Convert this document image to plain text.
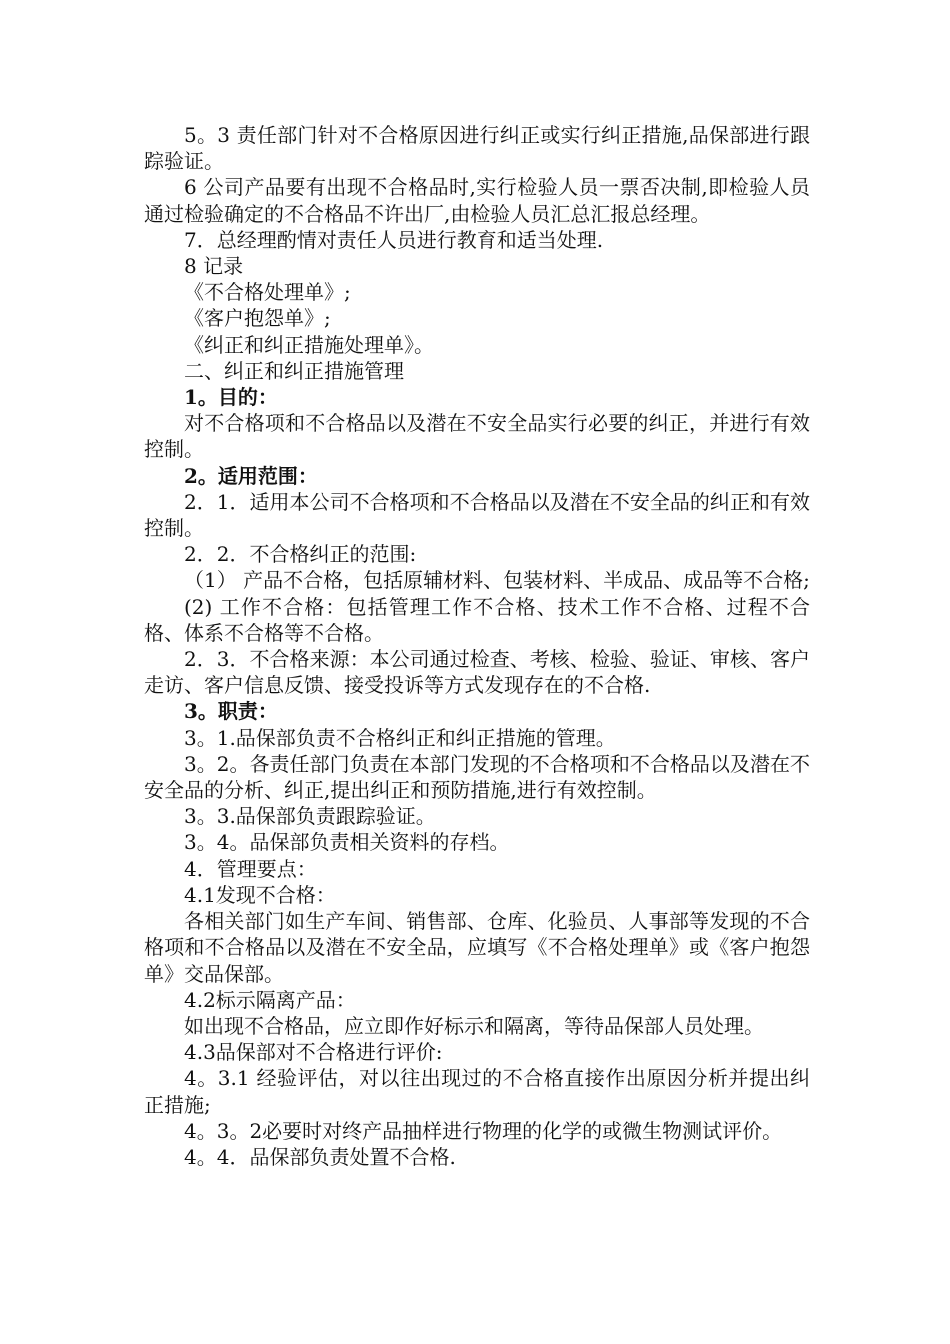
5。3 责任部门针对不合格原因进行纠正或实行纠正措施,品保部进行跟踪验证。

6 公司产品要有出现不合格品时,实行检验人员一票否决制,即检验人员通过检验确定的不合格品不许出厂,由检验人员汇总汇报总经理。

7．总经理酌情对责任人员进行教育和适当处理.

8 记录

《不合格处理单》;

《客户抱怨单》;

《纠正和纠正措施处理单》。

二、纠正和纠正措施管理

1。目的：

对不合格项和不合格品以及潜在不安全品实行必要的纠正，并进行有效控制。

2。适用范围：

2．1．适用本公司不合格项和不合格品以及潜在不安全品的纠正和有效控制。

2．2．不合格纠正的范围:

（1） 产品不合格，包括原辅材料、包装材料、半成品、成品等不合格;

(2) 工作不合格：包括管理工作不合格、技术工作不合格、过程不合格、体系不合格等不合格。

2．3．不合格来源：本公司通过检查、考核、检验、验证、审核、客户走访、客户信息反馈、接受投诉等方式发现存在的不合格.

3。职责：

3。1.品保部负责不合格纠正和纠正措施的管理。

3。2。各责任部门负责在本部门发现的不合格项和不合格品以及潜在不安全品的分析、纠正,提出纠正和预防措施,进行有效控制。

3。3.品保部负责跟踪验证。

3。4。品保部负责相关资料的存档。

4．管理要点：

4.1发现不合格：

各相关部门如生产车间、销售部、仓库、化验员、人事部等发现的不合格项和不合格品以及潜在不安全品，应填写《不合格处理单》或《客户抱怨单》交品保部。

4.2标示隔离产品：

如出现不合格品，应立即作好标示和隔离，等待品保部人员处理。

4.3品保部对不合格进行评价:

4。3.1 经验评估，对以往出现过的不合格直接作出原因分析并提出纠正措施;

4。3。2必要时对终产品抽样进行物理的化学的或微生物测试评价。

4。4．品保部负责处置不合格.
